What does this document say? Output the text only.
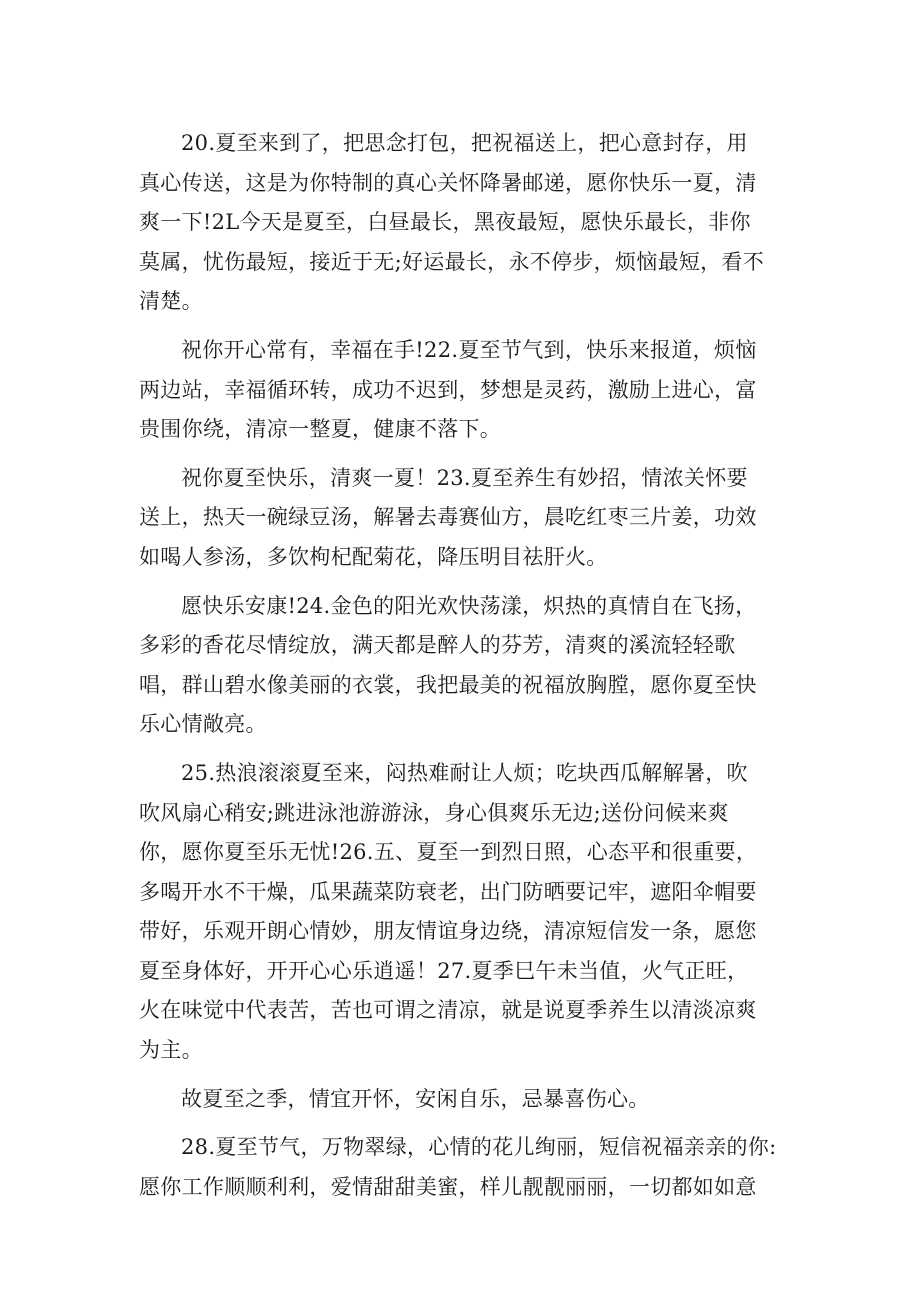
20.夏至来到了，把思念打包，把祝福送上，把心意封存，用
真心传送，这是为你特制的真心关怀降暑邮递，愿你快乐一夏，清
爽一下!2L今天是夏至，白昼最长，黑夜最短，愿快乐最长，非你
莫属，忧伤最短，接近于无;好运最长，永不停步，烦恼最短，看不
清楚。
祝你开心常有，幸福在手!22.夏至节气到，快乐来报道，烦恼
两边站，幸福循环转，成功不迟到，梦想是灵药，激励上进心，富
贵围你绕，清凉一整夏，健康不落下。
祝你夏至快乐，清爽一夏！23.夏至养生有妙招，情浓关怀要
送上，热天一碗绿豆汤，解暑去毒赛仙方，晨吃红枣三片姜，功效
如喝人参汤，多饮枸杞配菊花，降压明目祛肝火。
愿快乐安康!24.金色的阳光欢快荡漾，炽热的真情自在飞扬，
多彩的香花尽情绽放，满天都是醉人的芬芳，清爽的溪流轻轻歌
唱，群山碧水像美丽的衣裳，我把最美的祝福放胸膛，愿你夏至快
乐心情敞亮。
25.热浪滚滚夏至来，闷热难耐让人烦；吃块西瓜解解暑，吹
吹风扇心稍安;跳进泳池游游泳，身心俱爽乐无边;送份问候来爽
你，愿你夏至乐无忧!26.五、夏至一到烈日照，心态平和很重要，
多喝开水不干燥，瓜果蔬菜防衰老，出门防晒要记牢，遮阳伞帽要
带好，乐观开朗心情妙，朋友情谊身边绕，清凉短信发一条，愿您
夏至身体好，开开心心乐逍遥！27.夏季巳午未当值，火气正旺，
火在味觉中代表苦，苦也可谓之清凉，就是说夏季养生以清淡凉爽
为主。
故夏至之季，情宜开怀，安闲自乐，忌暴喜伤心。
28.夏至节气，万物翠绿，心情的花儿绚丽，短信祝福亲亲的你:
愿你工作顺顺利利，爱情甜甜美蜜，样儿靓靓丽丽，一切都如如意
